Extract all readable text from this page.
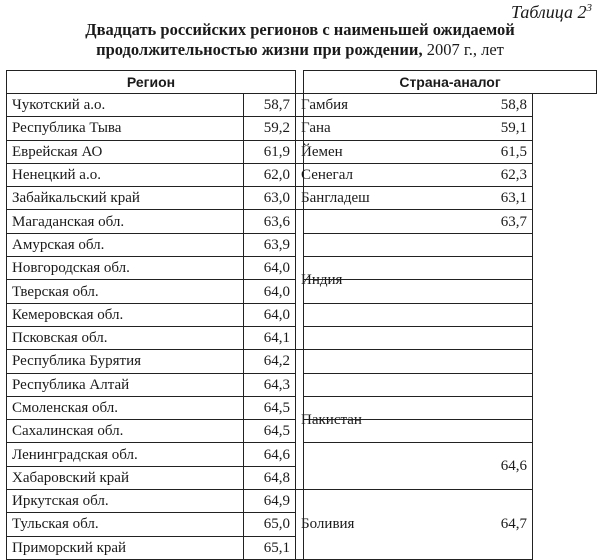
Таблица $2^3$
Двадцать российских регионов с наименьшей ожидаемой
продолжительностью жизни при рождении, 2007 г., лет
Регион			Страна-аналог
Чукотский а.о.	58,7	Гамбия	58,8
Республика Тыва	59,2	Гана	59,1
Еврейская АО	61,9	Йемен	61,5
Ненецкий а.о.	62,0	Сенегал	62,3
Забайкальский край	63,0	Бангладеш	63,1
Магаданская обл.	63,6	Индия	63,7
Амурская обл.	63,9		
Новгородская обл.	64,0		
Тверская обл.	64,0		
Кемеровская обл.	64,0		
Псковская обл.	64,1		
Республика Бурятия	64,2	Пакистан	
Республика Алтай	64,3		
Смоленская обл.	64,5		
Сахалинская обл.	64,5		
Ленинградская обл.	64,6		64,6
Хабаровский край	64,8		
Иркутская обл.	64,9	Боливия	64,7
Тульская обл.	65,0		
Приморский край	65,1		
